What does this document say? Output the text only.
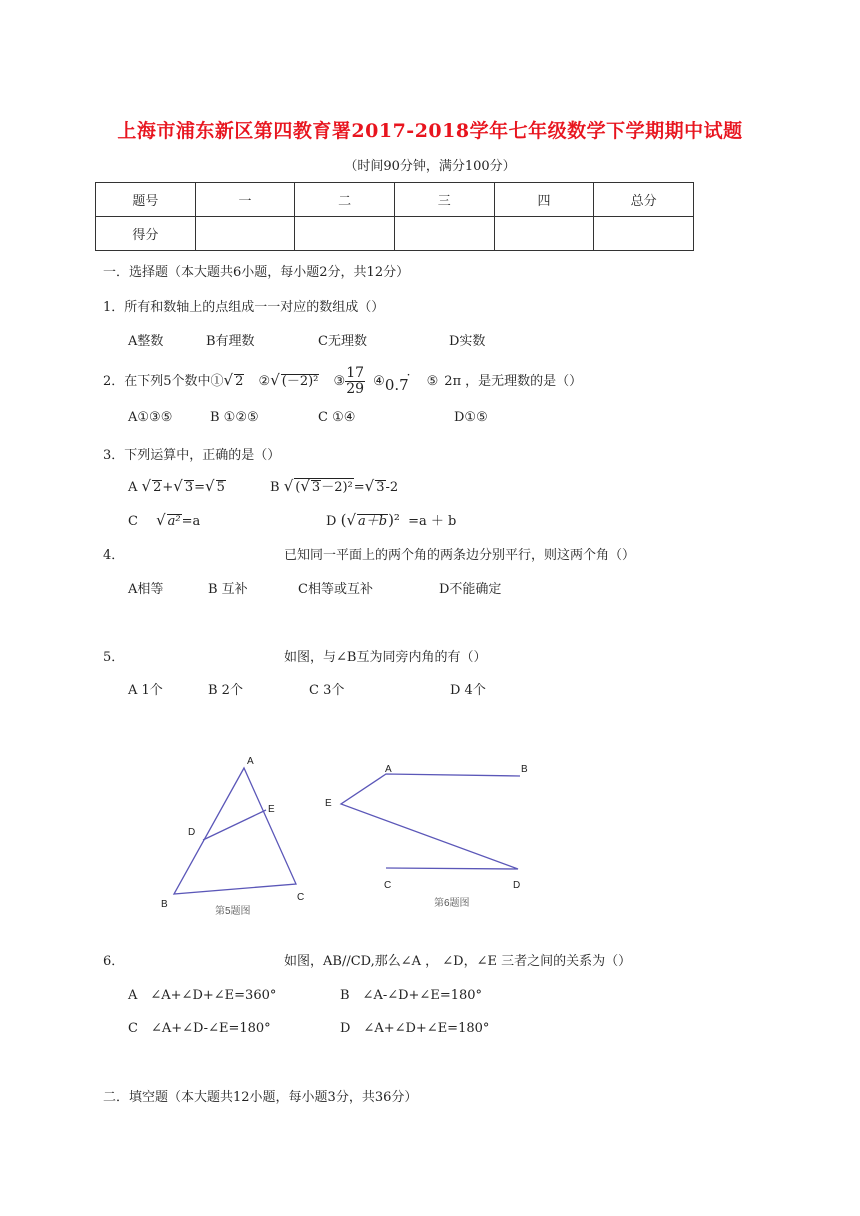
上海市浦东新区第四教育署2017-2018学年七年级数学下学期期中试题
（时间90分钟，满分100分）
题号	一	二	三	四	总分
得分					
一．选择题（本大题共6小题，每小题2分，共12分）
1．所有和数轴上的点组成一一对应的数组成（）
A整数	B有理数	C无理数	D实数
2．在下列5个数中①√ 2 ②√ (－2)² ③ $\frac{17}{29}$ ④0.7· ⑤ 2π ，是无理数的是（）
A①③⑤	B ①②⑤	C ①④	D①⑤
3．下列运算中，正确的是（）
A √ 2+√ 3=√ 5	B √ (√ 3－2)²=√ 3-2
C √ a²=a	D (√ a＋b)² =a ＋ b
4．	已知同一平面上的两个角的两条边分别平行，则这两个角（）
A相等	B 互补	C相等或互补	D不能确定
5．	如图，与∠B互为同旁内角的有（）
A 1个	B 2个	C 3个	D 4个
A
B
C
D
E
第5题图
A	B
C	D
E
第6题图
6．	如图，AB//CD,那么∠A ， ∠D，∠E 三者之间的关系为（）
A　∠A+∠D+∠E=360°	B　∠A-∠D+∠E=180°
C　∠A+∠D-∠E=180°	D　∠A+∠D+∠E=180°
二．填空题（本大题共12小题，每小题3分，共36分）
